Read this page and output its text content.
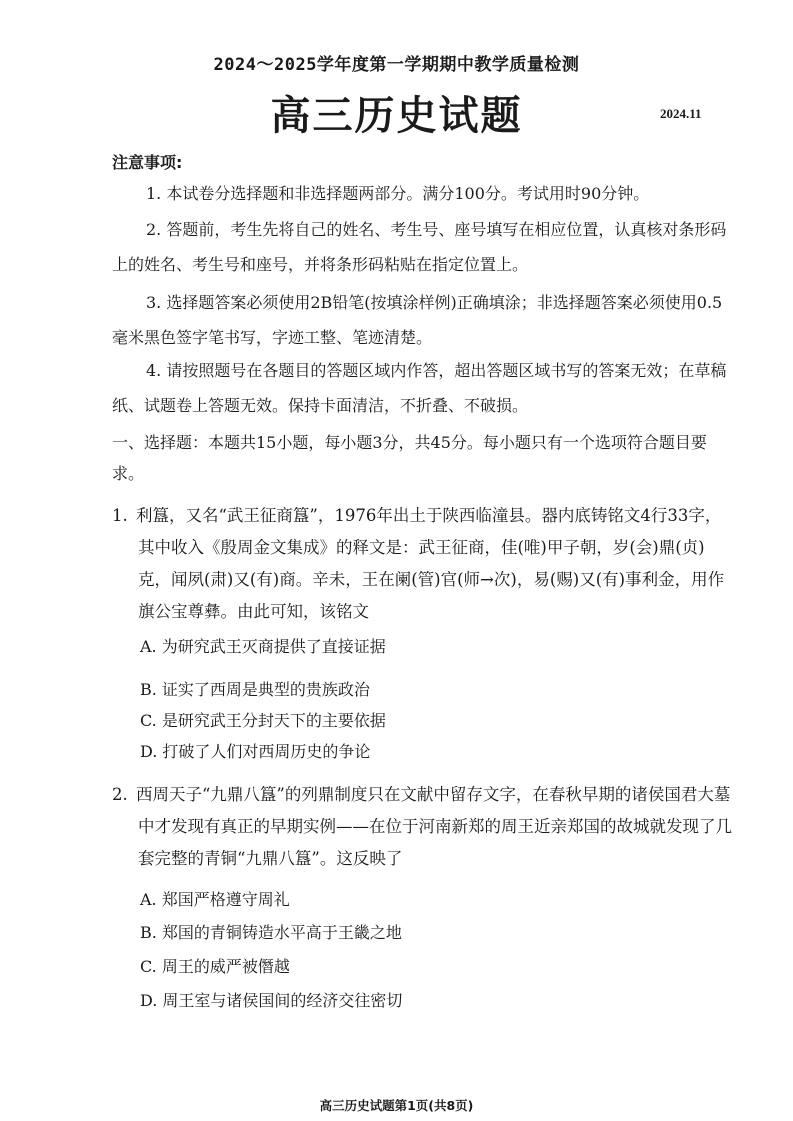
2024～2025学年度第一学期期中教学质量检测
高三历史试题	2024.11
注意事项:
1. 本试卷分选择题和非选择题两部分。满分100分。考试用时90分钟。
2. 答题前，考生先将自己的姓名、考生号、座号填写在相应位置，认真核对条形码上的姓名、考生号和座号，并将条形码粘贴在指定位置上。
3. 选择题答案必须使用2B铅笔(按填涂样例)正确填涂；非选择题答案必须使用0.5毫米黑色签字笔书写，字迹工整、笔迹清楚。
4. 请按照题号在各题目的答题区域内作答，超出答题区域书写的答案无效；在草稿纸、试题卷上答题无效。保持卡面清洁，不折叠、不破损。
一、选择题：本题共15小题，每小题3分，共45分。每小题只有一个选项符合题目要求。
1. 利簋，又名“武王征商簋”，1976年出土于陕西临潼县。器内底铸铭文4行33字，其中收入《殷周金文集成》的释文是：武王征商，佳(唯)甲子朝，岁(会)鼎(贞)克，闻夙(肃)又(有)商。辛未，王在阑(管)官(师→次)，易(赐)又(有)事利金，用作旗公宝尊彝。由此可知，该铭文
A. 为研究武王灭商提供了直接证据
B. 证实了西周是典型的贵族政治
C. 是研究武王分封天下的主要依据
D. 打破了人们对西周历史的争论
2. 西周天子“九鼎八簋”的列鼎制度只在文献中留存文字，在春秋早期的诸侯国君大墓中才发现有真正的早期实例——在位于河南新郑的周王近亲郑国的故城就发现了几套完整的青铜“九鼎八簋”。这反映了
A. 郑国严格遵守周礼
B. 郑国的青铜铸造水平高于王畿之地
C. 周王的威严被僭越
D. 周王室与诸侯国间的经济交往密切
高三历史试题第1页(共8页)
